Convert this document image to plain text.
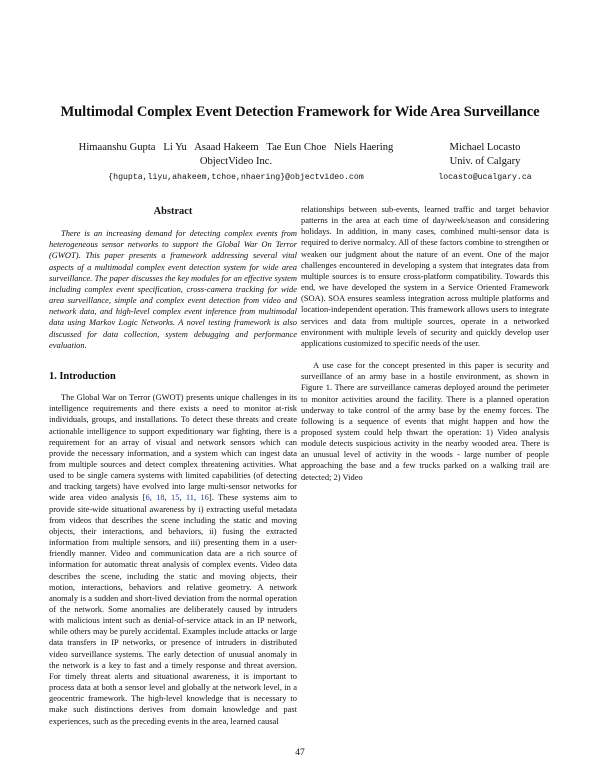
Multimodal Complex Event Detection Framework for Wide Area Surveillance
Himaanshu Gupta   Li Yu   Asaad Hakeem   Tae Eun Choe   Niels Haering
ObjectVideo Inc.
{hgupta,liyu,ahakeem,tchoe,nhaering}@objectvideo.com
Michael Locasto
Univ. of Calgary
locasto@ucalgary.ca
Abstract

There is an increasing demand for detecting complex events from heterogeneous sensor networks to support the Global War On Terror (GWOT). This paper presents a framework addressing several vital aspects of a multimodal complex event detection system for wide area surveillance. The paper discusses the key modules for an effective system including complex event specification, cross-camera tracking for wide area surveillance, simple and complex event detection from video and network data, and high-level complex event inference from multimodal data using Markov Logic Networks. A novel testing framework is also discussed for data collection, system debugging and performance evaluation.

1. Introduction

The Global War on Terror (GWOT) presents unique challenges in its intelligence requirements and there exists a need to monitor at-risk individuals, groups, and installations. To detect these threats and create actionable intelligence to support expeditionary war fighting, there is a requirement for an array of visual and network sensors which can provide the necessary information, and a system which can ingest data from multiple sources and detect complex threatening activities. What used to be single camera systems with limited capabilities (of detecting and tracking targets) have evolved into large multi-sensor networks for wide area video analysis [6, 18, 15, 11, 16]. These systems aim to provide site-wide situational awareness by i) extracting useful metadata from videos that describes the scene including the static and moving objects, their interactions, and behaviors, ii) fusing the extracted information from multiple sensors, and iii) presenting them in a user-friendly manner. Video and communication data are a rich source of information for automatic threat analysis of complex events. Video data describes the scene, including the static and moving objects, their motion, interactions, behaviors and relative geometry. A network anomaly is a sudden and short-lived deviation from the normal operation of the network. Some anomalies are deliberately caused by intruders with malicious intent such as denial-of-service attack in an IP network, while others may be purely accidental. Examples include attacks or large data transfers in IP networks, or presence of intruders in distributed video surveillance systems. The early detection of unusual anomaly in the network is a key to fast and a timely response and threat aversion. For timely threat alerts and situational awareness, it is important to process data at both a sensor level and globally at the network level, in a geocentric framework. The high-level knowledge that is necessary to make such distinctions derives from domain knowledge and past experiences, such as the preceding events in the area, learned causal

relationships between sub-events, learned traffic and target behavior patterns in the area at each time of day/week/season and considering holidays. In addition, in many cases, combined multi-sensor data is required to derive normalcy. All of these factors combine to strengthen or weaken our judgment about the nature of an event. One of the major challenges encountered in developing a system that integrates data from multiple sources is to ensure cross-platform compatibility. Towards this end, we have developed the system in a Service Oriented Framework (SOA). SOA ensures seamless integration across multiple platforms and location-independent operation. This framework allows users to integrate services and data from multiple sources, operate in a networked environment with multiple levels of security and quickly develop user applications customized to specific needs of the user.

A use case for the concept presented in this paper is security and surveillance of an army base in a hostile environment, as shown in Figure 1. There are surveillance cameras deployed around the perimeter to monitor activities around the facility. There is a planned operation underway to take control of the army base by the enemy forces. The following is a sequence of events that might happen and how the proposed system could help thwart the operation: 1) Video analysis module detects suspicious activity in the nearby wooded area. There is an unusual level of activity in the woods - large number of people approaching the base and a few trucks parked on a walking trail are detected; 2) Video

47
